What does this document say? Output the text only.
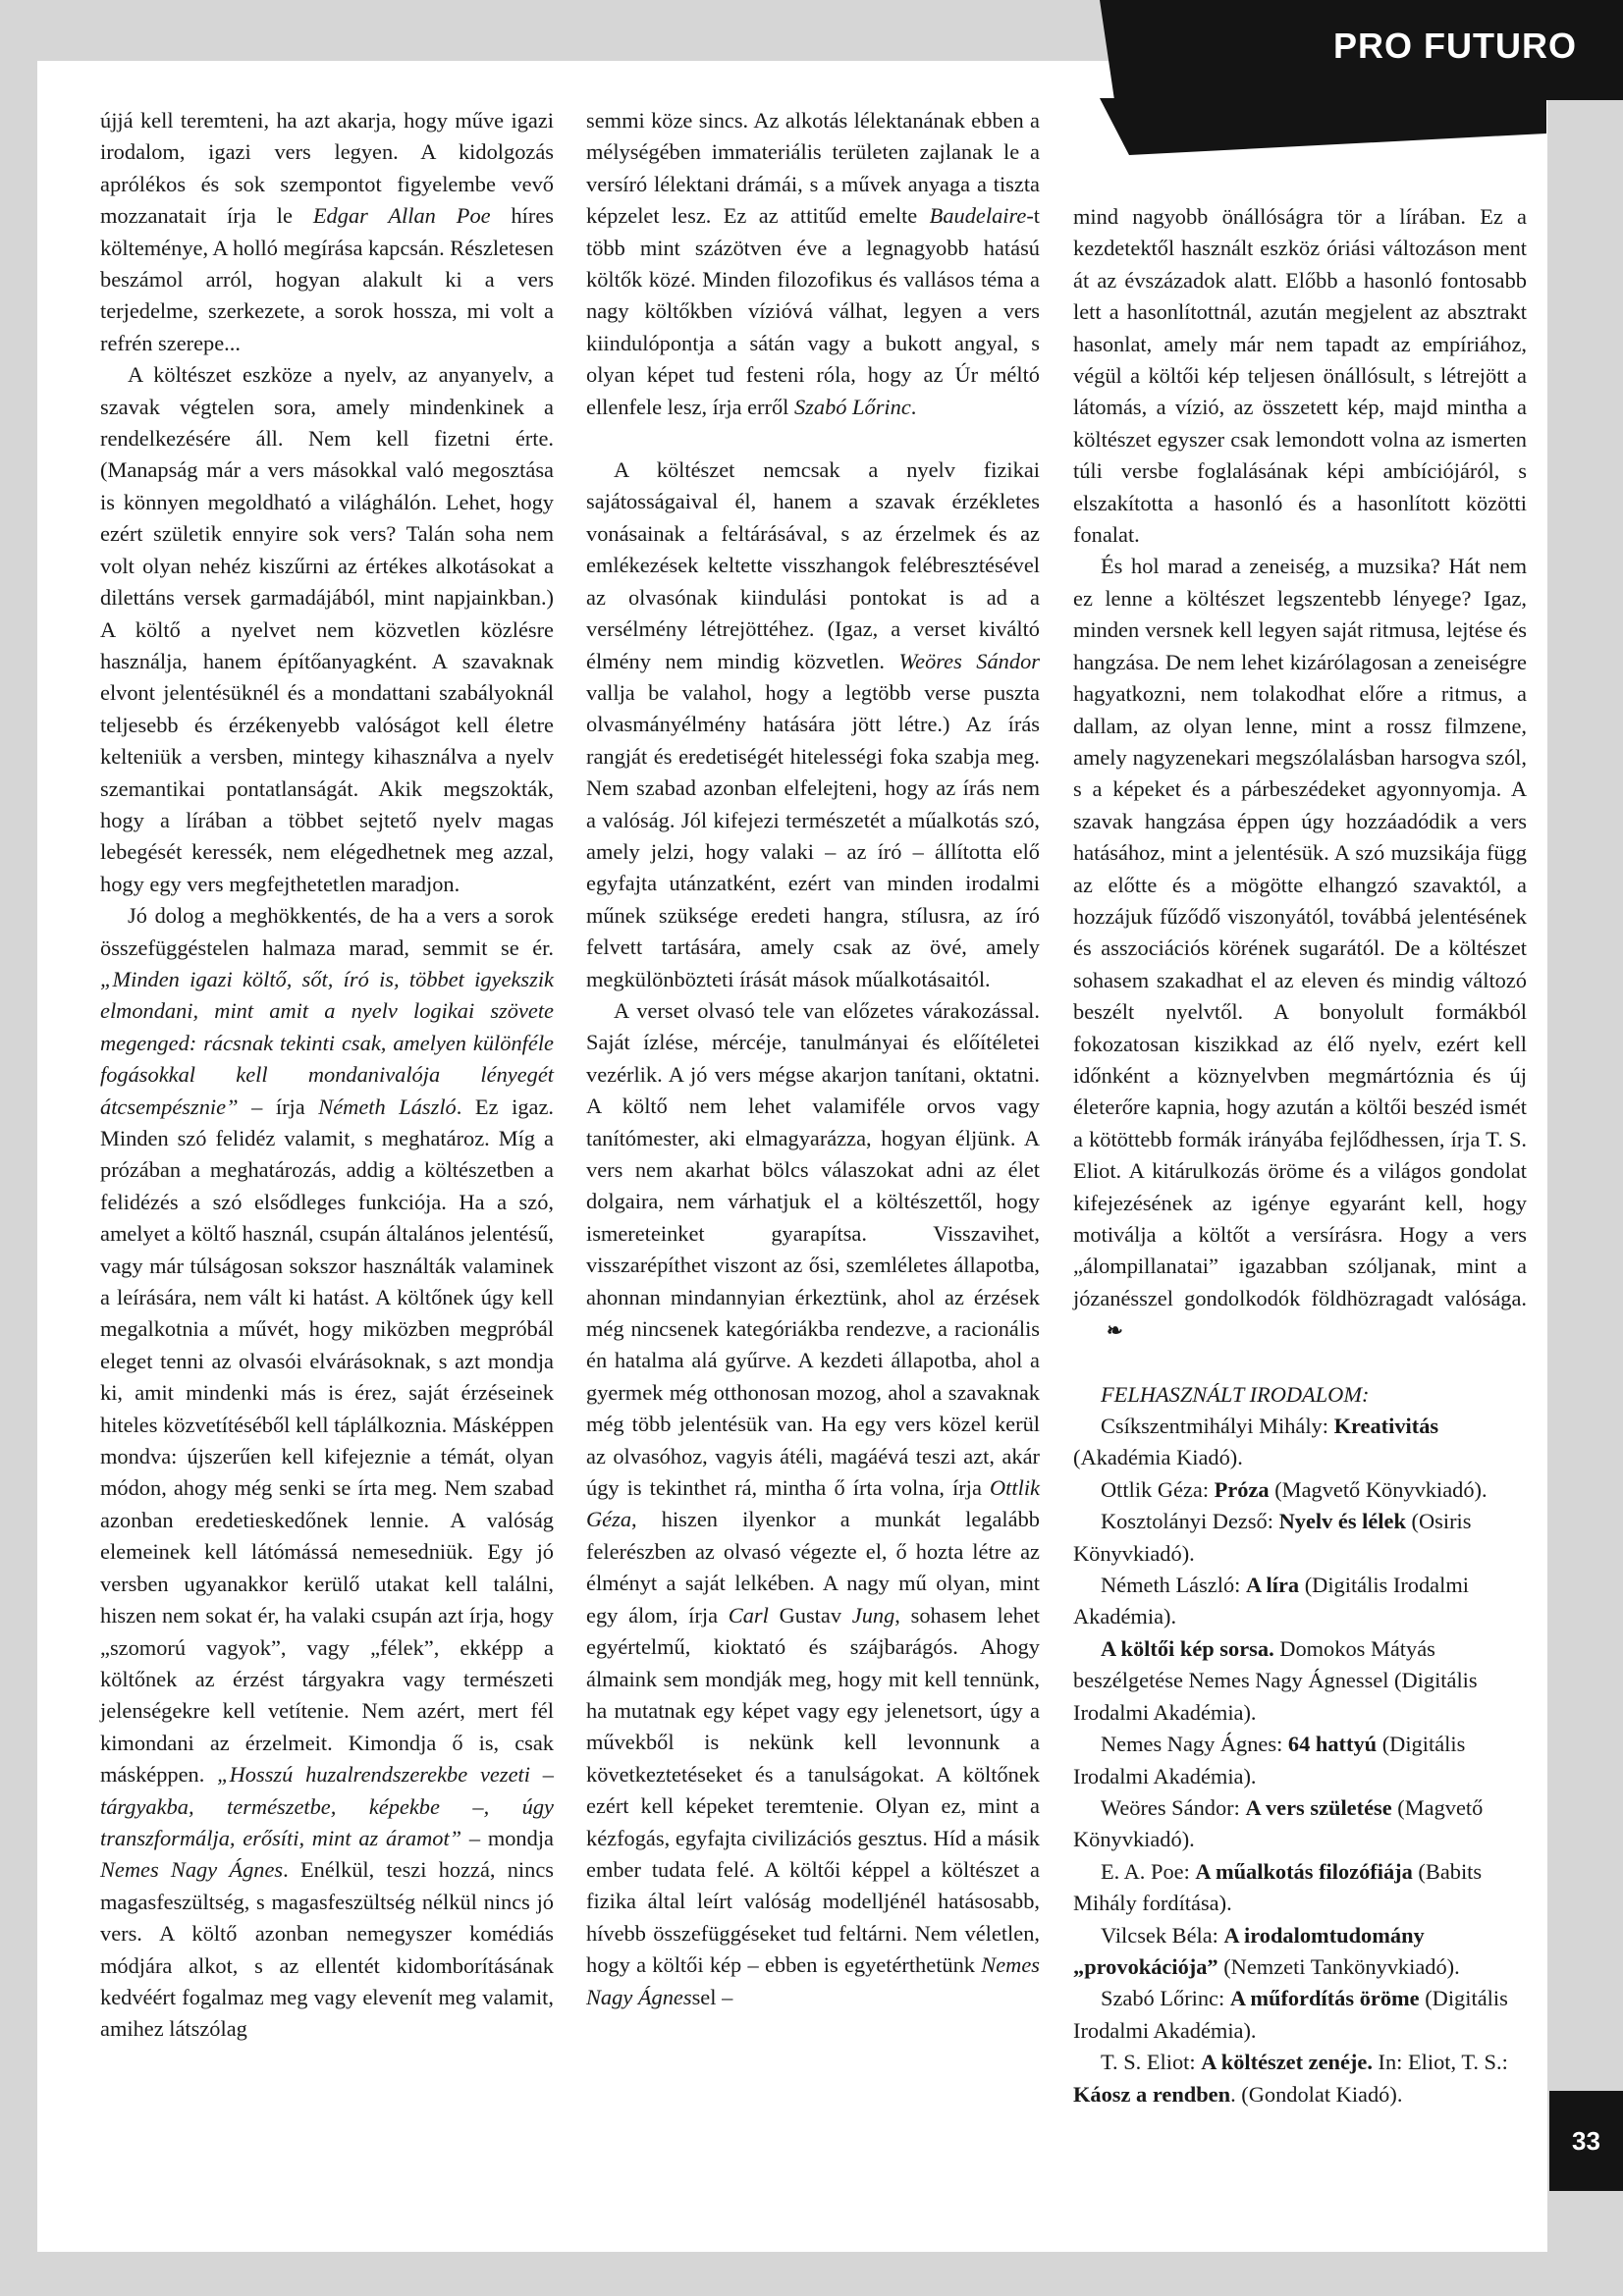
PRO FUTURO

újjá kell teremteni, ha azt akarja, hogy műve igazi irodalom, igazi vers legyen. A kidolgozás aprólékos és sok szempontot figyelembe vevő mozzanatait írja le Edgar Allan Poe híres költeménye, A holló megírása kapcsán. Részletesen beszámol arról, hogyan alakult ki a vers terjedelme, szerkezete, a sorok hossza, mi volt a refrén szerepe...

A költészet eszköze a nyelv, az anyanyelv, a szavak végtelen sora, amely mindenkinek a rendelkezésére áll. Nem kell fizetni érte. (Manapság már a vers másokkal való megosztása is könnyen megoldható a világhálón. Lehet, hogy ezért születik ennyire sok vers? Talán soha nem volt olyan nehéz kiszűrni az értékes alkotásokat a dilettáns versek garmadájából, mint napjainkban.) A költő a nyelvet nem közvetlen közlésre használja, hanem építőanyagként. A szavaknak elvont jelentésüknél és a mondattani szabályoknál teljesebb és érzékenyebb valóságot kell életre kelteniük a versben, mintegy kihasználva a nyelv szemantikai pontatlanságát. Akik megszokták, hogy a lírában a többet sejtető nyelv magas lebegését keressék, nem elégedhetnek meg azzal, hogy egy vers megfejthetetlen maradjon.

Jó dolog a meghökkentés, de ha a vers a sorok összefüggéstelen halmaza marad, semmit se ér. „Minden igazi költő, sőt, író is, többet igyekszik elmondani, mint amit a nyelv logikai szövete megenged: rácsnak tekinti csak, amelyen különféle fogásokkal kell mondanivalója lényegét átcsempésznie” – írja Németh László. Ez igaz. Minden szó felidéz valamit, s meghatároz. Míg a prózában a meghatározás, addig a költészetben a felidézés a szó elsődleges funkciója. Ha a szó, amelyet a költő használ, csupán általános jelentésű, vagy már túlságosan sokszor használták valaminek a leírására, nem vált ki hatást. A költőnek úgy kell megalkotnia a művét, hogy miközben megpróbál eleget tenni az olvasói elvárásoknak, s azt mondja ki, amit mindenki más is érez, saját érzéseinek hiteles közvetítéséből kell táplálkoznia. Másképpen mondva: újszerűen kell kifejeznie a témát, olyan módon, ahogy még senki se írta meg. Nem szabad azonban eredetieskedőnek lennie. A valóság elemeinek kell látómássá nemesedniük. Egy jó versben ugyanakkor kerülő utakat kell találni, hiszen nem sokat ér, ha valaki csupán azt írja, hogy „szomorú vagyok”, vagy „félek”, ekképp a költőnek az érzést tárgyakra vagy természeti jelenségekre kell vetítenie. Nem azért, mert fél kimondani az érzelmeit. Kimondja ő is, csak másképpen. „Hosszú huzalrendszerekbe vezeti – tárgyakba, természetbe, képekbe –, úgy transzformálja, erősíti, mint az áramot” – mondja Nemes Nagy Ágnes. Enélkül, teszi hozzá, nincs magasfeszültség, s magasfeszültség nélkül nincs jó vers. A költő azonban nemegyszer komédiás módjára alkot, s az ellentét kidomborításának kedvéért fogalmaz meg vagy elevenít meg valamit, amihez látszólag

semmi köze sincs. Az alkotás lélektanának ebben a mélységében immateriális területen zajlanak le a versíró lélektani drámái, s a művek anyaga a tiszta képzelet lesz. Ez az attitűd emelte Baudelaire-t több mint százötven éve a legnagyobb hatású költők közé. Minden filozofikus és vallásos téma a nagy költőkben vízióvá válhat, legyen a vers kiindulópontja a sátán vagy a bukott angyal, s olyan képet tud festeni róla, hogy az Úr méltó ellenfele lesz, írja erről Szabó Lőrinc.

A költészet nemcsak a nyelv fizikai sajátosságaival él, hanem a szavak érzékletes vonásainak a feltárásával, s az érzelmek és az emlékezések keltette visszhangok felébresztésével az olvasónak kiindulási pontokat is ad a versélmény létrejöttéhez. (Igaz, a verset kiváltó élmény nem mindig közvetlen. Weöres Sándor vallja be valahol, hogy a legtöbb verse puszta olvasmányélmény hatására jött létre.) Az írás rangját és eredetiségét hitelességi foka szabja meg. Nem szabad azonban elfelejteni, hogy az írás nem a valóság. Jól kifejezi természetét a műalkotás szó, amely jelzi, hogy valaki – az író – állította elő egyfajta utánzatként, ezért van minden irodalmi műnek szüksége eredeti hangra, stílusra, az író felvett tartására, amely csak az övé, amely megkülönbözteti írását mások műalkotásaitól.

A verset olvasó tele van előzetes várakozással. Saját ízlése, mércéje, tanulmányai és előítéletei vezérlik. A jó vers mégse akarjon tanítani, oktatni. A költő nem lehet valamiféle orvos vagy tanítómester, aki elmagyarázza, hogyan éljünk. A vers nem akarhat bölcs válaszokat adni az élet dolgaira, nem várhatjuk el a költészettől, hogy ismereteinket gyarapítsa. Visszavihet, visszarépíthet viszont az ősi, szemléletes állapotba, ahonnan mindannyian érkeztünk, ahol az érzések még nincsenek kategóriákba rendezve, a racionális én hatalma alá gyűrve. A kezdeti állapotba, ahol a gyermek még otthonosan mozog, ahol a szavaknak még több jelentésük van. Ha egy vers közel kerül az olvasóhoz, vagyis átéli, magáévá teszi azt, akár úgy is tekinthet rá, mintha ő írta volna, írja Ottlik Géza, hiszen ilyenkor a munkát legalább felerészben az olvasó végezte el, ő hozta létre az élményt a saját lelkében. A nagy mű olyan, mint egy álom, írja Carl Gustav Jung, sohasem lehet egyértelmű, kioktató és szájbarágós. Ahogy álmaink sem mondják meg, hogy mit kell tennünk, ha mutatnak egy képet vagy egy jelenetsort, úgy a művekből is nekünk kell levonnunk a következtetéseket és a tanulságokat. A költőnek ezért kell képeket teremtenie. Olyan ez, mint a kézfogás, egyfajta civilizációs gesztus. Híd a másik ember tudata felé. A költői képpel a költészet a fizika által leírt valóság modelljénél hatásosabb, hívebb összefüggéseket tud feltárni. Nem véletlen, hogy a költői kép – ebben is egyetérthetünk Nemes Nagy Ágnessel –

mind nagyobb önállóságra tör a lírában. Ez a kezdetektől használt eszköz óriási változáson ment át az évszázadok alatt. Előbb a hasonló fontosabb lett a hasonlítottnál, azután megjelent az absztrakt hasonlat, amely már nem tapadt az empíriához, végül a költői kép teljesen önállósult, s létrejött a látomás, a vízió, az összetett kép, majd mintha a költészet egyszer csak lemondott volna az ismerten túli versbe foglalásának képi ambíciójáról, s elszakította a hasonló és a hasonlított közötti fonalat.

És hol marad a zeneiség, a muzsika? Hát nem ez lenne a költészet legszentebb lényege? Igaz, minden versnek kell legyen saját ritmusa, lejtése és hangzása. De nem lehet kizárólagosan a zeneiségre hagyatkozni, nem tolakodhat előre a ritmus, a dallam, az olyan lenne, mint a rossz filmzene, amely nagyzenekari megszólalásban harsogva szól, s a képeket és a párbeszédeket agyonnyomja. A szavak hangzása éppen úgy hozzáadódik a vers hatásához, mint a jelentésük. A szó muzsikája függ az előtte és a mögötte elhangzó szavaktól, a hozzájuk fűződő viszonyától, továbbá jelentésének és asszociációs körének sugarától. De a költészet sohasem szakadhat el az eleven és mindig változó beszélt nyelvtől. A bonyolult formákból fokozatosan kiszikkad az élő nyelv, ezért kell időnként a köznyelvben megmártóznia és új életerőre kapnia, hogy azután a költői beszéd ismét a kötöttebb formák irányába fejlődhessen, írja T. S. Eliot. A kitárulkozás öröme és a világos gondolat kifejezésének az igénye egyaránt kell, hogy motiválja a költőt a versírásra. Hogy a vers „álompillanatai” igazabban szóljanak, mint a józanésszel gondolkodók földhözragadt valósága.❧

FELHASZNÁLT IRODALOM:

Csíkszentmihályi Mihály: Kreativitás (Akadémia Kiadó).

Ottlik Géza: Próza (Magvető Könyvkiadó).

Kosztolányi Dezső: Nyelv és lélek (Osiris Könyvkiadó).

Németh László: A líra (Digitális Irodalmi Akadémia).

A költői kép sorsa. Domokos Mátyás beszélgetése Nemes Nagy Ágnessel (Digitális Irodalmi Akadémia).

Nemes Nagy Ágnes: 64 hattyú (Digitális Irodalmi Akadémia).

Weöres Sándor: A vers születése (Magvető Könyvkiadó).

E. A. Poe: A műalkotás filozófiája (Babits Mihály fordítása).

Vilcsek Béla: A irodalomtudomány „provokációja” (Nemzeti Tankönyvkiadó).

Szabó Lőrinc: A műfordítás öröme (Digitális Irodalmi Akadémia).

T. S. Eliot: A költészet zenéje. In: Eliot, T. S.: Káosz a rendben. (Gondolat Kiadó).

33
